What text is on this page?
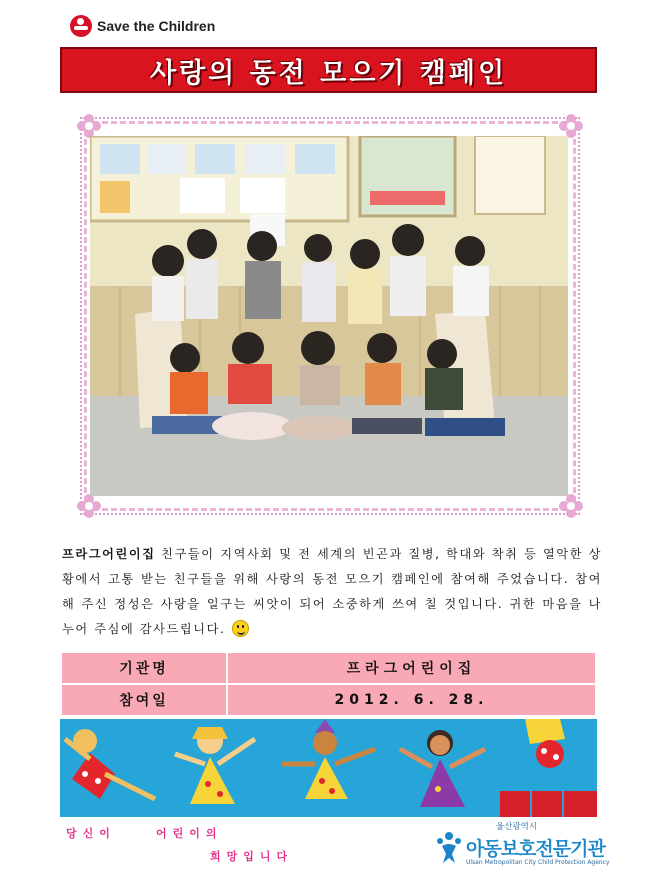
Save the Children
사랑의 동전 모으기 캠페인
프라그어린이집 친구들이 지역사회 및 전 세계의 빈곤과 질병, 학대와 착취 등 열악한 상황에서 고통 받는 친구들을 위해 사랑의 동전 모으기 캠페인에 참여해 주었습니다. 참여해 주신 정성은 사랑을 일구는 씨앗이 되어 소중하게 쓰여 칠 것입니다. 귀한 마음을 나누어 주심에 감사드립니다.
기관명	프라그어린이집
참여일	2012. 6. 28.
당신이	어린이의
희망입니다
울산광역시
아동보호전문기관
Ulsan Metropolitan City Child Protection Agency
